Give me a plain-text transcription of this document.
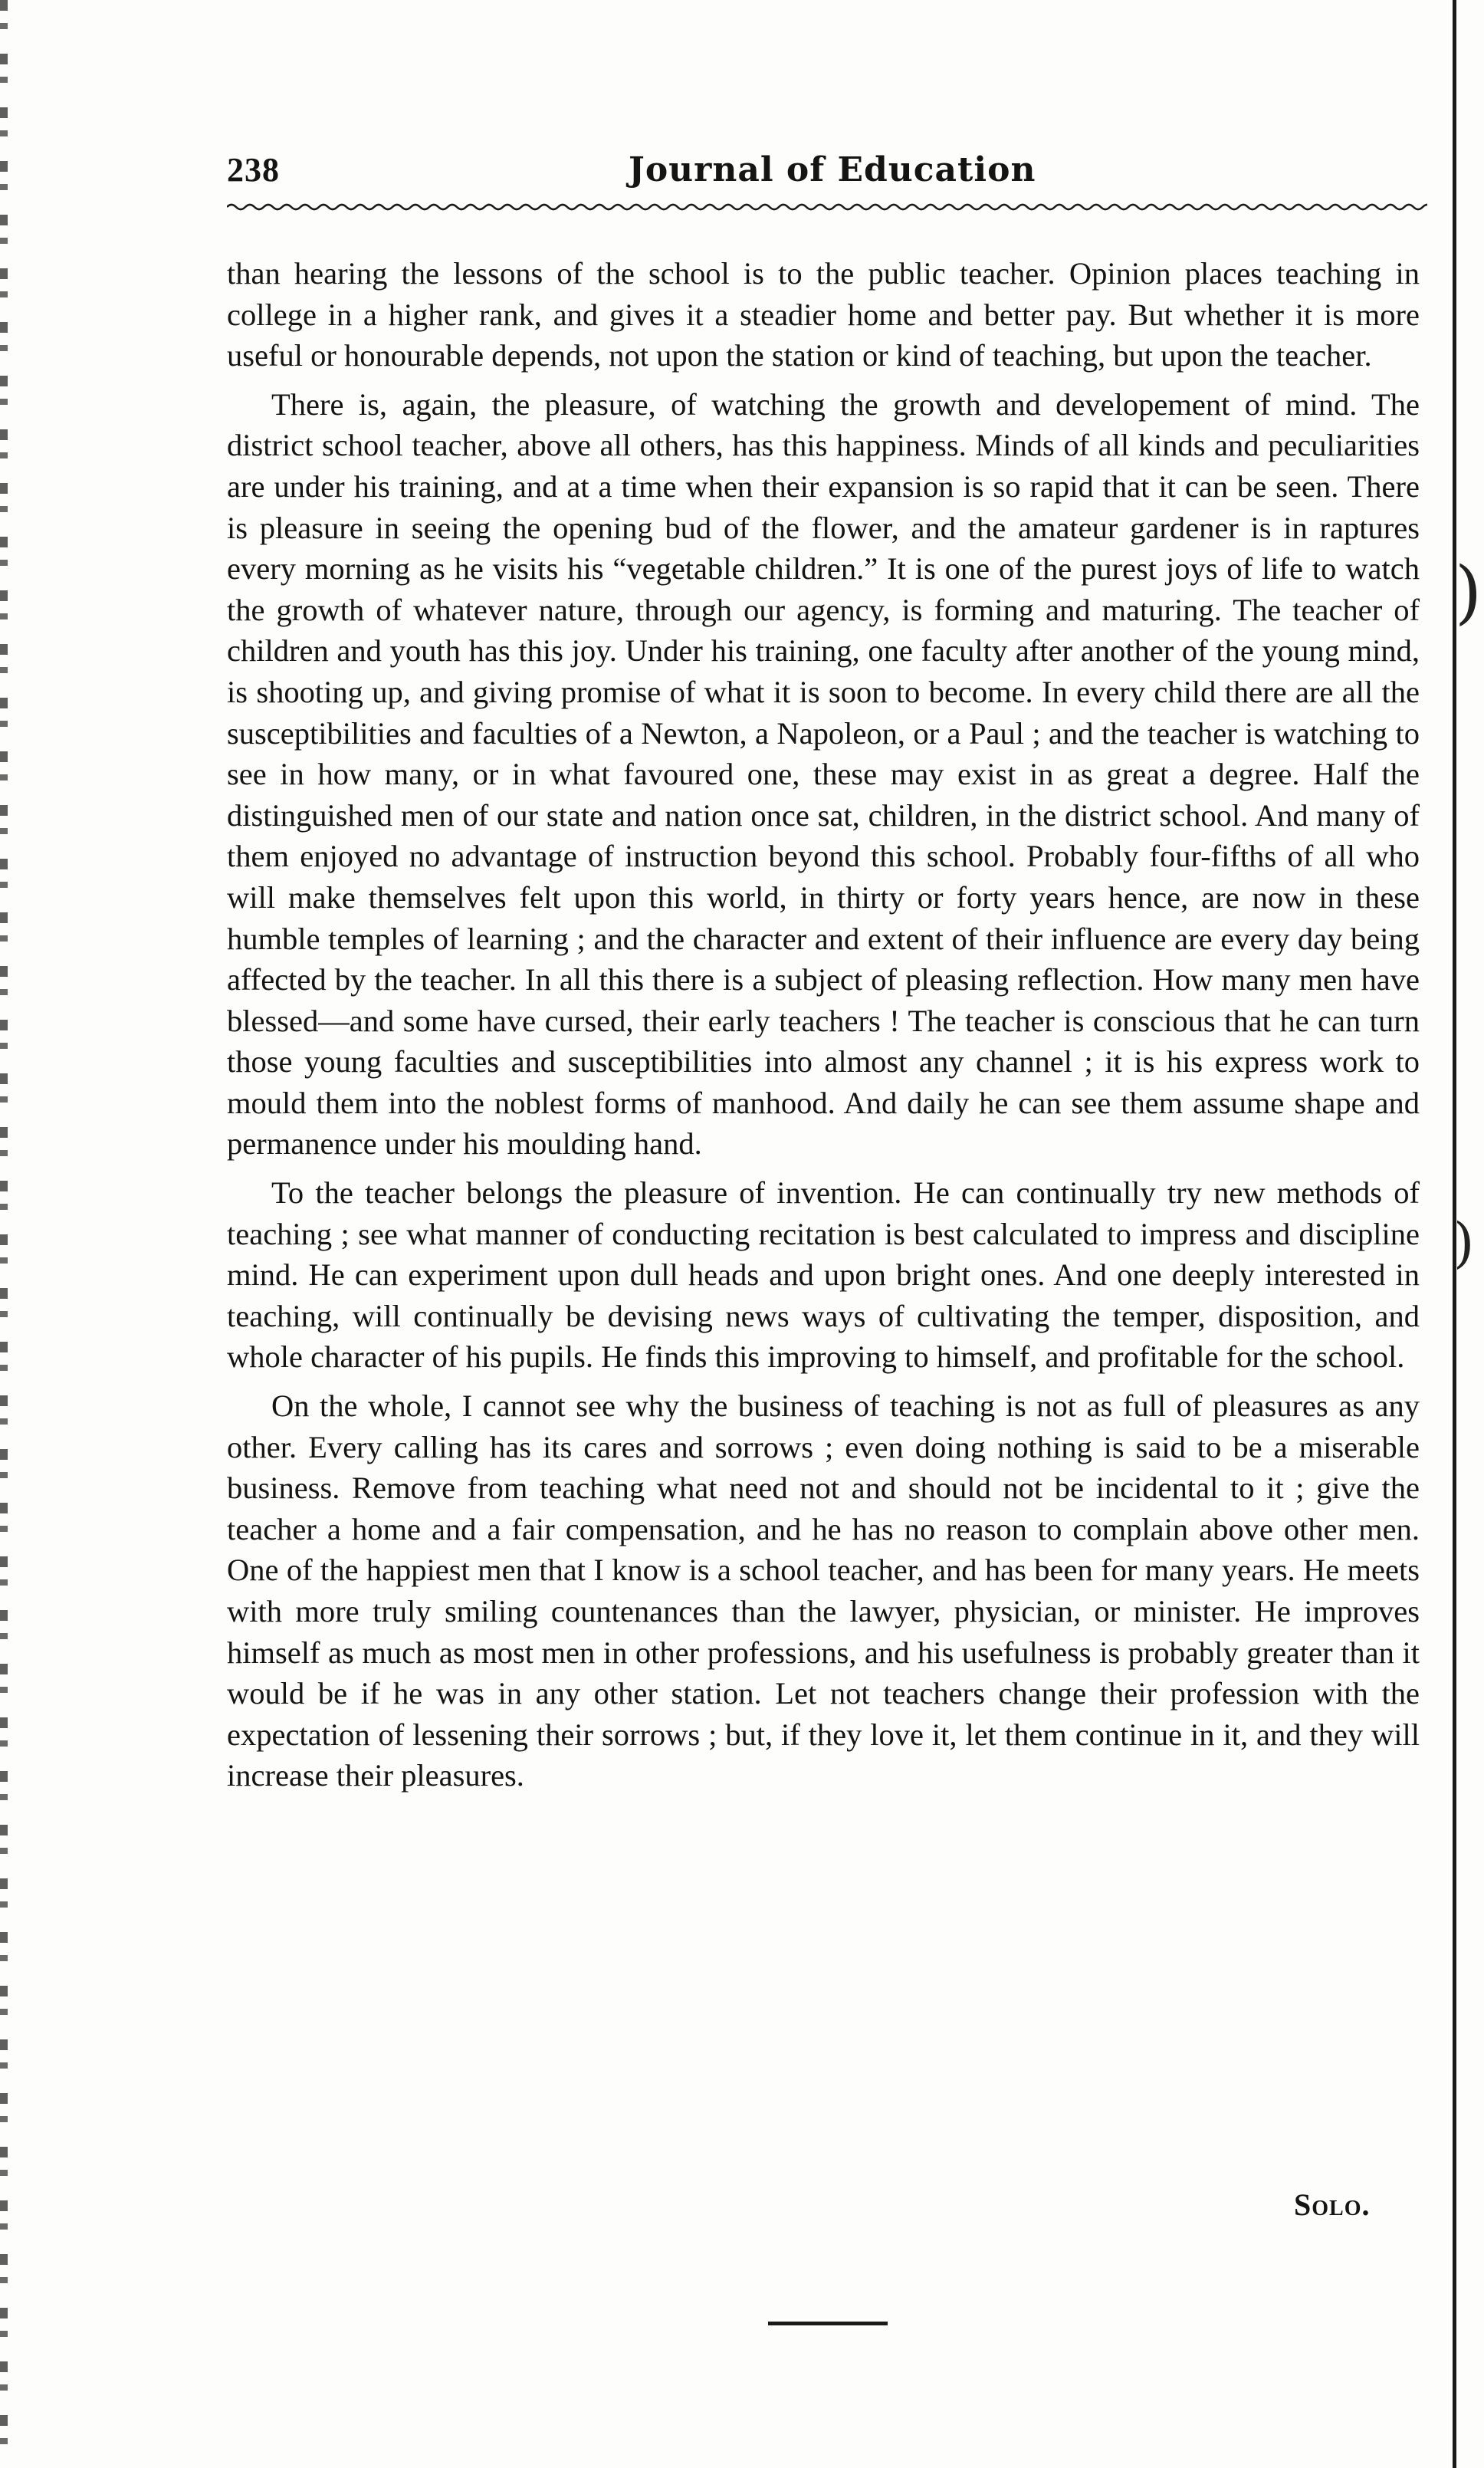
238	Journal of Education

than hearing the lessons of the school is to the public teacher. Opinion places teaching in college in a higher rank, and gives it a steadier home and better pay. But whether it is more useful or honourable depends, not upon the station or kind of teaching, but upon the teacher.

There is, again, the pleasure, of watching the growth and developement of mind. The district school teacher, above all others, has this happiness. Minds of all kinds and peculiarities are under his training, and at a time when their expansion is so rapid that it can be seen. There is pleasure in seeing the opening bud of the flower, and the amateur gardener is in raptures every morning as he visits his “vegetable children.” It is one of the purest joys of life to watch the growth of whatever nature, through our agency, is forming and maturing. The teacher of children and youth has this joy. Under his training, one faculty after another of the young mind, is shooting up, and giving promise of what it is soon to become. In every child there are all the susceptibilities and faculties of a Newton, a Napoleon, or a Paul ; and the teacher is watching to see in how many, or in what favoured one, these may exist in as great a degree. Half the distinguished men of our state and nation once sat, children, in the district school. And many of them enjoyed no advantage of instruction beyond this school. Probably four-fifths of all who will make themselves felt upon this world, in thirty or forty years hence, are now in these humble temples of learning ; and the character and extent of their influence are every day being affected by the teacher. In all this there is a subject of pleasing reflection. How many men have blessed—and some have cursed, their early teachers ! The teacher is conscious that he can turn those young faculties and susceptibilities into almost any channel ; it is his express work to mould them into the noblest forms of manhood. And daily he can see them assume shape and permanence under his moulding hand.

To the teacher belongs the pleasure of invention. He can continually try new methods of teaching ; see what manner of conducting recitation is best calculated to impress and discipline mind. He can experiment upon dull heads and upon bright ones. And one deeply interested in teaching, will continually be devising news ways of cultivating the temper, disposition, and whole character of his pupils. He finds this improving to himself, and profitable for the school.

On the whole, I cannot see why the business of teaching is not as full of pleasures as any other. Every calling has its cares and sorrows ; even doing nothing is said to be a miserable business. Remove from teaching what need not and should not be incidental to it ; give the teacher a home and a fair compensation, and he has no reason to complain above other men. One of the happiest men that I know is a school teacher, and has been for many years. He meets with more truly smiling countenances than the lawyer, physician, or minister. He improves himself as much as most men in other professions, and his usefulness is probably greater than it would be if he was in any other station. Let not teachers change their profession with the expectation of lessening their sorrows ; but, if they love it, let them continue in it, and they will increase their pleasures.

)
)
Solo.
